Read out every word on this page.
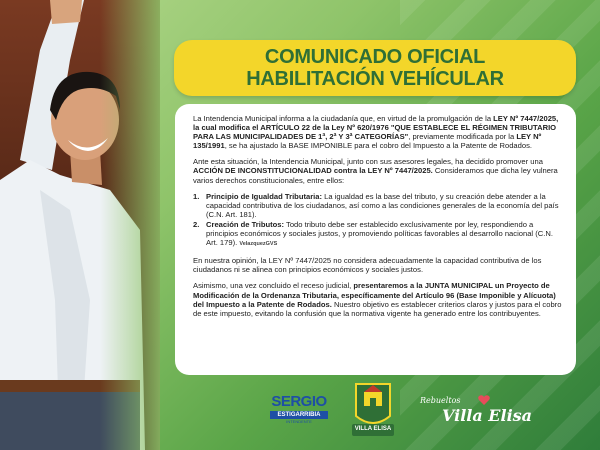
COMUNICADO OFICIAL
HABILITACIÓN VEHÍCULAR

La Intendencia Municipal informa a la ciudadanía que, en virtud de la promulgación de la LEY Nº 7447/2025, la cual modifica el ARTÍCULO 22 de la Ley Nº 620/1976 "QUE ESTABLECE EL RÉGIMEN TRIBUTARIO PARA LAS MUNICIPALIDADES DE 1ª, 2ª Y 3ª CATEGORÍAS", previamente modificada por la LEY Nº 135/1991, se ha ajustado la BASE IMPONIBLE para el cobro del Impuesto a la Patente de Rodados.

Ante esta situación, la Intendencia Municipal, junto con sus asesores legales, ha decidido promover una ACCIÓN DE INCONSTITUCIONALIDAD contra la LEY Nº 7447/2025. Consideramos que dicha ley vulnera varios derechos constitucionales, entre ellos:

1. Principio de Igualdad Tributaria: La igualdad es la base del tributo, y su creación debe atender a la capacidad contributiva de los ciudadanos, así como a las condiciones generales de la economía del país (C.N. Art. 181).
2. Creación de Tributos: Todo tributo debe ser establecido exclusivamente por ley, respondiendo a principios económicos y sociales justos, y promoviendo políticas favorables al desarrollo nacional (C.N. Art. 179). VelazquezGVS

En nuestra opinión, la LEY Nº 7447/2025 no considera adecuadamente la capacidad contributiva de los ciudadanos ni se alinea con principios económicos y sociales justos.

Asimismo, una vez concluido el receso judicial, presentaremos a la JUNTA MUNICIPAL un Proyecto de Modificación de la Ordenanza Tributaria, específicamente del Artículo 96 (Base Imponible y Alícuota) del Impuesto a la Patente de Rodados. Nuestro objetivo es establecer criterios claros y justos para el cobro de este impuesto, evitando la confusión que la normativa vigente ha generado entre los contribuyentes.

SERGIO
ESTIGARRIBIA
INTENDENTE
VILLA ELISA
Rebueltos
Villa Elisa
